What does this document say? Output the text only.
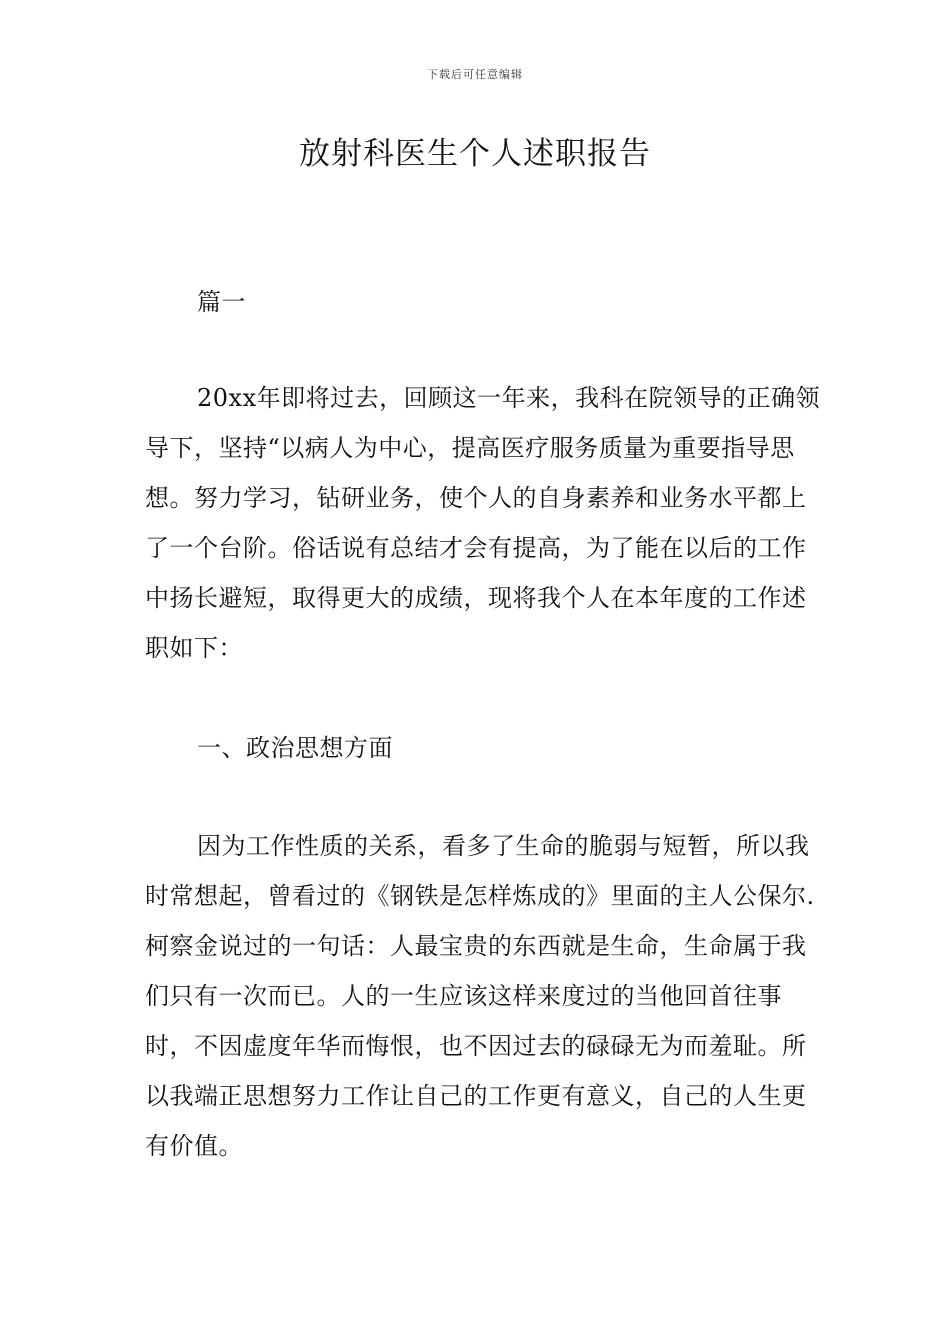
下载后可任意编辑
放射科医生个人述职报告

篇一

20xx年即将过去，回顾这一年来，我科在院领导的正确领导下，坚持“以病人为中心，提高医疗服务质量为重要指导思想。努力学习，钻研业务，使个人的自身素养和业务水平都上了一个台阶。俗话说有总结才会有提高，为了能在以后的工作中扬长避短，取得更大的成绩，现将我个人在本年度的工作述职如下：

一、政治思想方面

因为工作性质的关系，看多了生命的脆弱与短暂，所以我时常想起，曾看过的《钢铁是怎样炼成的》里面的主人公保尔.柯察金说过的一句话：人最宝贵的东西就是生命，生命属于我们只有一次而已。人的一生应该这样来度过的当他回首往事时，不因虚度年华而悔恨，也不因过去的碌碌无为而羞耻。所以我端正思想努力工作让自己的工作更有意义，自己的人生更有价值。
